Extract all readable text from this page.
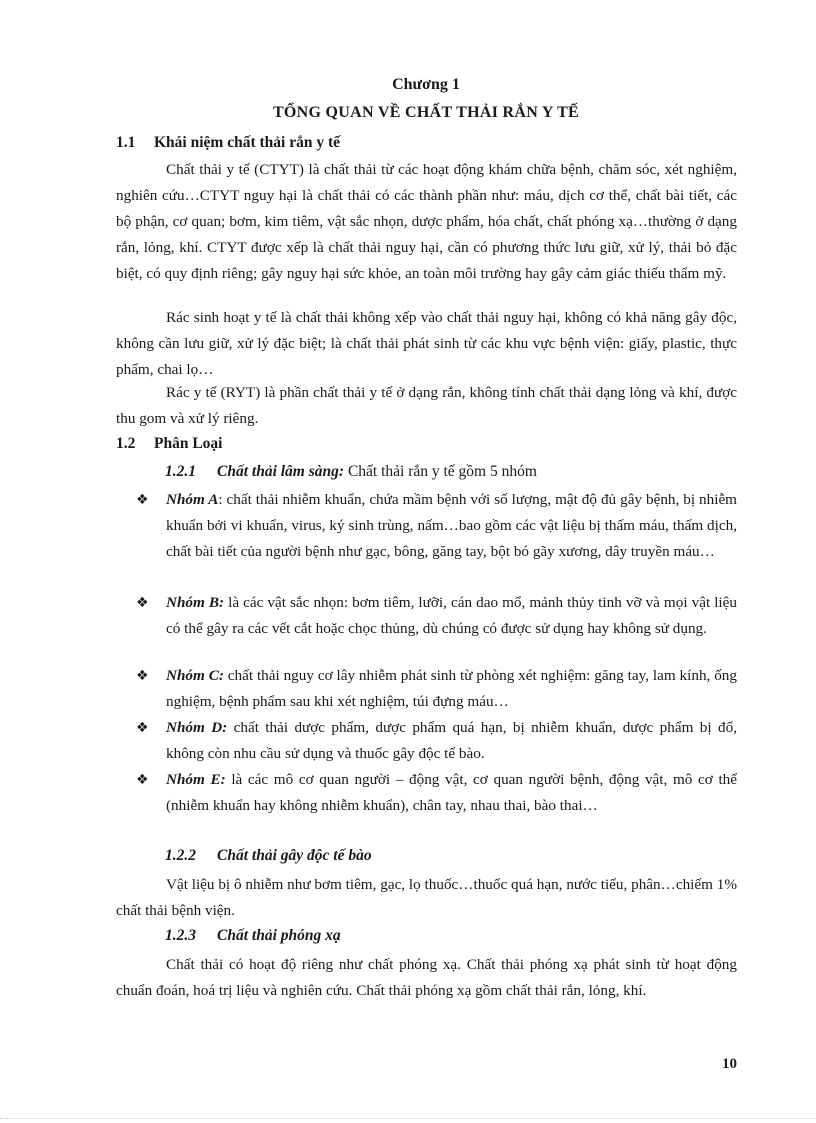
Chương 1
TỔNG QUAN VỀ CHẤT THẢI RẮN Y TẾ
1.1 Khái niệm chất thải rắn y tế

Chất thải y tế (CTYT) là chất thải từ các hoạt động khám chữa bệnh, chăm sóc, xét nghiệm, nghiên cứu…CTYT nguy hại là chất thải có các thành phần như: máu, dịch cơ thể, chất bài tiết, các bộ phận, cơ quan; bơm, kim tiêm, vật sắc nhọn, dược phẩm, hóa chất, chất phóng xạ…thường ở dạng rắn, lỏng, khí. CTYT được xếp là chất thải nguy hại, cần có phương thức lưu giữ, xử lý, thải bỏ đặc biệt, có quy định riêng; gây nguy hại sức khỏe, an toàn môi trường hay gây cảm giác thiếu thẩm mỹ.

Rác sinh hoạt y tế là chất thải không xếp vào chất thải nguy hại, không có khả năng gây độc, không cần lưu giữ, xử lý đặc biệt; là chất thải phát sinh từ các khu vực bệnh viện: giấy, plastic, thực phẩm, chai lọ…

Rác y tế (RYT) là phần chất thải y tế ở dạng rắn, không tính chất thải dạng lỏng và khí, được thu gom và xử lý riêng.

1.2 Phân Loại
1.2.1 Chất thải lâm sàng: Chất thải rắn y tế gồm 5 nhóm
❖ Nhóm A: chất thải nhiễm khuẩn, chứa mầm bệnh với số lượng, mật độ đủ gây bệnh, bị nhiễm khuẩn bởi vi khuẩn, virus, ký sinh trùng, nấm…bao gồm các vật liệu bị thấm máu, thấm dịch, chất bài tiết của người bệnh như gạc, bông, găng tay, bột bó gãy xương, dây truyền máu…
❖ Nhóm B: là các vật sắc nhọn: bơm tiêm, lưỡi, cán dao mổ, mảnh thủy tinh vỡ và mọi vật liệu có thể gây ra các vết cắt hoặc chọc thủng, dù chúng có được sử dụng hay không sử dụng.
❖ Nhóm C: chất thải nguy cơ lây nhiễm phát sinh từ phòng xét nghiệm: găng tay, lam kính, ống nghiệm, bệnh phẩm sau khi xét nghiệm, túi đựng máu…
❖ Nhóm D: chất thải dược phẩm, dược phẩm quá hạn, bị nhiễm khuẩn, dược phẩm bị đổ, không còn nhu cầu sử dụng và thuốc gây độc tế bào.
❖ Nhóm E: là các mô cơ quan người – động vật, cơ quan người bệnh, động vật, mô cơ thể (nhiễm khuẩn hay không nhiễm khuẩn), chân tay, nhau thai, bào thai…
1.2.2 Chất thải gây độc tế bào

Vật liệu bị ô nhiễm như bơm tiêm, gạc, lọ thuốc…thuốc quá hạn, nước tiểu, phân…chiếm 1% chất thải bệnh viện.

1.2.3 Chất thải phóng xạ

Chất thải có hoạt độ riêng như chất phóng xạ. Chất thải phóng xạ phát sinh từ hoạt động chuẩn đoán, hoá trị liệu và nghiên cứu. Chất thải phóng xạ gồm chất thải rắn, lỏng, khí.

10
